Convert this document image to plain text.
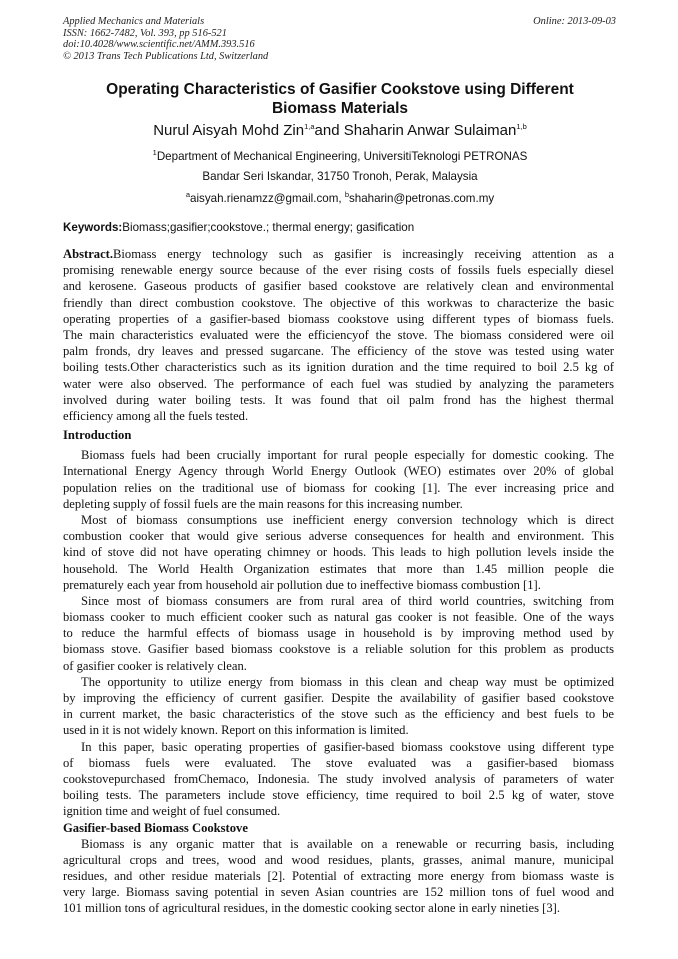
Applied Mechanics and Materials
ISSN: 1662-7482, Vol. 393, pp 516-521
doi:10.4028/www.scientific.net/AMM.393.516
© 2013 Trans Tech Publications Ltd, Switzerland
Online: 2013-09-03
Operating Characteristics of Gasifier Cookstove using Different
Biomass Materials
Nurul Aisyah Mohd Zin$^{1,a}$and Shaharin Anwar Sulaiman$^{1,b}$
$^1$Department of Mechanical Engineering, UniversitiTeknologi PETRONAS
Bandar Seri Iskandar, 31750 Tronoh, Perak, Malaysia
$^a$aisyah.rienamzz@gmail.com, $^b$shaharin@petronas.com.my
Keywords:Biomass;gasifier;cookstove.; thermal energy; gasification
Abstract.Biomass energy technology such as gasifier is increasingly receiving attention as a
promising renewable energy source because of the ever rising costs of fossils fuels especially diesel
and kerosene. Gaseous products of gasifier based cookstove are relatively clean and environmental
friendly than direct combustion cookstove. The objective of this workwas to characterize the basic
operating properties of a gasifier-based biomass cookstove using different types of biomass fuels.
The main characteristics evaluated were the efficiencyof the stove. The biomass considered were oil
palm fronds, dry leaves and pressed sugarcane. The efficiency of the stove was tested using water
boiling tests.Other characteristics such as its ignition duration and the time required to boil 2.5 kg of
water were also observed. The performance of each fuel was studied by analyzing the parameters
involved during water boiling tests. It was found that oil palm frond has the highest thermal
efficiency among all the fuels tested.
Introduction
Biomass fuels had been crucially important for rural people especially for domestic cooking. The
International Energy Agency through World Energy Outlook (WEO) estimates over 20% of global
population relies on the traditional use of biomass for cooking [1]. The ever increasing price and
depleting supply of fossil fuels are the main reasons for this increasing number.
Most of biomass consumptions use inefficient energy conversion technology which is direct
combustion cooker that would give serious adverse consequences for health and environment. This
kind of stove did not have operating chimney or hoods. This leads to high pollution levels inside the
household. The World Health Organization estimates that more than 1.45 million people die
prematurely each year from household air pollution due to ineffective biomass combustion [1].
Since most of biomass consumers are from rural area of third world countries, switching from
biomass cooker to much efficient cooker such as natural gas cooker is not feasible. One of the ways
to reduce the harmful effects of biomass usage in household is by improving method used by
biomass stove. Gasifier based biomass cookstove is a reliable solution for this problem as products
of gasifier cooker is relatively clean.
The opportunity to utilize energy from biomass in this clean and cheap way must be optimized
by improving the efficiency of current gasifier. Despite the availability of gasifier based cookstove
in current market, the basic characteristics of the stove such as the efficiency and best fuels to be
used in it is not widely known. Report on this information is limited.
In this paper, basic operating properties of gasifier-based biomass cookstove using different type
of biomass fuels were evaluated. The stove evaluated was a gasifier-based biomass
cookstovepurchased fromChemaco, Indonesia. The study involved analysis of parameters of water
boiling tests. The parameters include stove efficiency, time required to boil 2.5 kg of water, stove
ignition time and weight of fuel consumed.
Gasifier-based Biomass Cookstove
Biomass is any organic matter that is available on a renewable or recurring basis, including
agricultural crops and trees, wood and wood residues, plants, grasses, animal manure, municipal
residues, and other residue materials [2]. Potential of extracting more energy from biomass waste is
very large. Biomass saving potential in seven Asian countries are 152 million tons of fuel wood and
101 million tons of agricultural residues, in the domestic cooking sector alone in early nineties [3].
